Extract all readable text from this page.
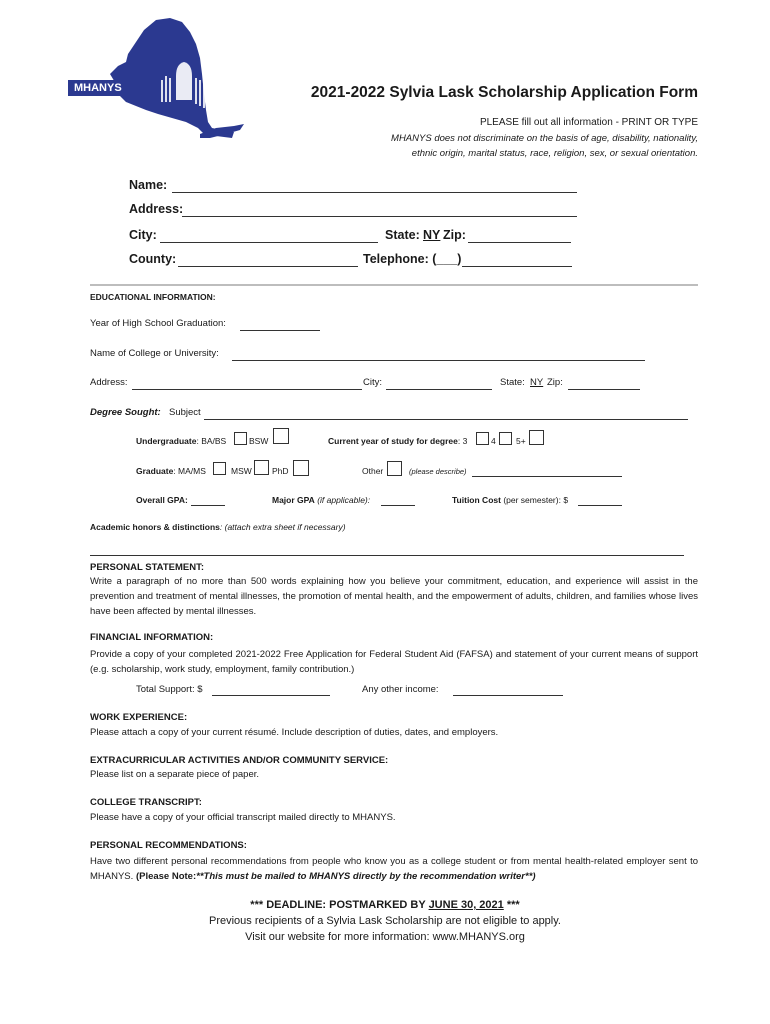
MHANYS	2021-2022 Sylvia Lask Scholarship Application Form
PLEASE fill out all information - PRINT OR TYPE
MHANYS does not discriminate on the basis of age, disability, nationality,
ethnic origin, marital status, race, religion, sex, or sexual orientation.
Name:
Address:
City:	State: NY Zip:
County:	Telephone: (___)
EDUCATIONAL INFORMATION:
Year of High School Graduation:
Name of College or University:
Address:	City:	State: NY Zip:
Degree Sought: Subject
Undergraduate: BA/BS	BSW	Current year of study for degree: 3	4 5+
Graduate: MA/MS	MSW PhD	Other	(please describe)
Overall GPA:	Major GPA (if applicable):	Tuition Cost (per semester): $
Academic honors & distinctions: (attach extra sheet if necessary)
PERSONAL STATEMENT:
Write a paragraph of no more than 500 words explaining how you believe your commitment, education, and experience will assist in the prevention and treatment of mental illnesses, the promotion of mental health, and the empowerment of adults, children, and families whose lives have been affected by mental illnesses.
FINANCIAL INFORMATION:
Provide a copy of your completed 2021-2022 Free Application for Federal Student Aid (FAFSA) and statement of your current means of support (e.g. scholarship, work study, employment, family contribution.)
Total Support: $	Any other income:
WORK EXPERIENCE:
Please attach a copy of your current résumé. Include description of duties, dates, and employers.
EXTRACURRICULAR ACTIVITIES AND/OR COMMUNITY SERVICE:
Please list on a separate piece of paper.
COLLEGE TRANSCRIPT:
Please have a copy of your official transcript mailed directly to MHANYS.
PERSONAL RECOMMENDATIONS:
Have two different personal recommendations from people who know you as a college student or from mental health-related employer sent to MHANYS. (Please Note:**This must be mailed to MHANYS directly by the recommendation writer**)
*** DEADLINE: POSTMARKED BY JUNE 30, 2021 ***
Previous recipients of a Sylvia Lask Scholarship are not eligible to apply.
Visit our website for more information: www.MHANYS.org
